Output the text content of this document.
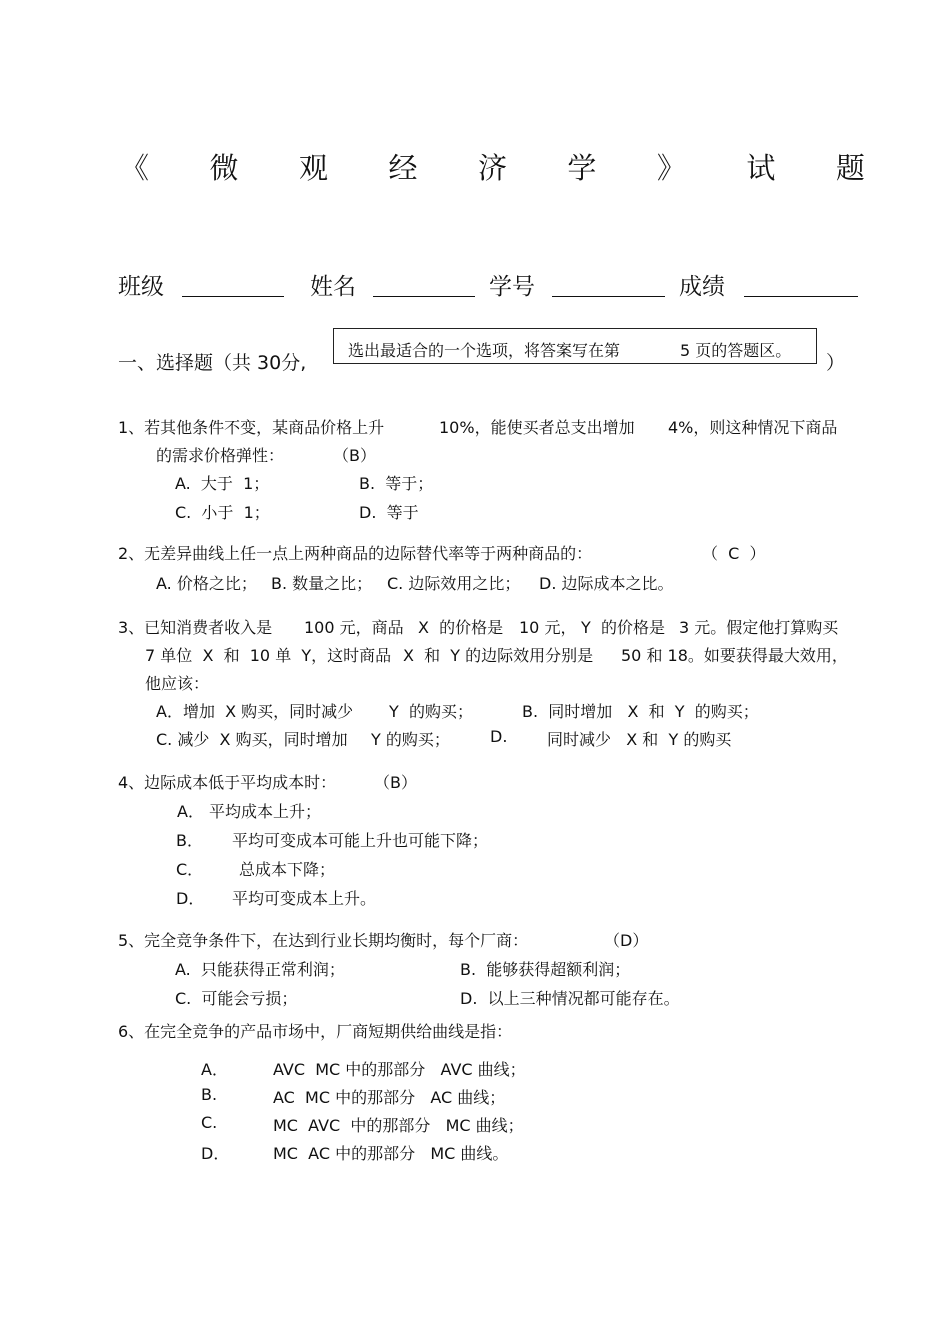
《 微 观 经 济 学 》 试 题
班级	姓名	学号	成绩
一、选择题（共 30分,
选出最适合的一个选项，将答案写在第	5 页的答题区。
）
1、若其他条件不变，某商品价格上升	10%，能使买者总支出增加 4%，则这种情况下商品
的需求价格弹性：	（B）
A.  大于  1；	B.  等于；
C.  小于  1；	D.  等于
2、无差异曲线上任一点上两种商品的边际替代率等于两种商品的：	（  C  ）
A. 价格之比； B. 数量之比； C. 边际效用之比； D. 边际成本之比。
3、已知消费者收入是 100 元，商品 X  的价格是 10 元， Y  的价格是 3 元。假定他打算购买
7 单位  X  和  10 单  Y，这时商品 X  和  Y 的边际效用分别是 50 和 18。如要获得最大效用，
他应该：
A．增加  X 购买，同时减少 Y  的购买；	B.  同时增加   X  和  Y  的购买；
C. 减少  X 购买，同时增加 Y 的购买；	D. 同时减少   X 和  Y 的购买
4、边际成本低于平均成本时： （B）
A． 平均成本上升；
B． 平均可变成本可能上升也可能下降；
C． 总成本下降；
D． 平均可变成本上升。
5、完全竞争条件下，在达到行业长期均衡时，每个厂商：	（D）
A.  只能获得正常利润；	B.  能够获得超额利润；
C.  可能会亏损；	D.  以上三种情况都可能存在。
6、在完全竞争的产品市场中，厂商短期供给曲线是指：
A．	AVC  MC 中的那部分   AVC 曲线；
B.	AC  MC 中的那部分   AC 曲线；
C.	MC  AVC  中的那部分   MC 曲线；
D．	MC  AC 中的那部分   MC 曲线。
